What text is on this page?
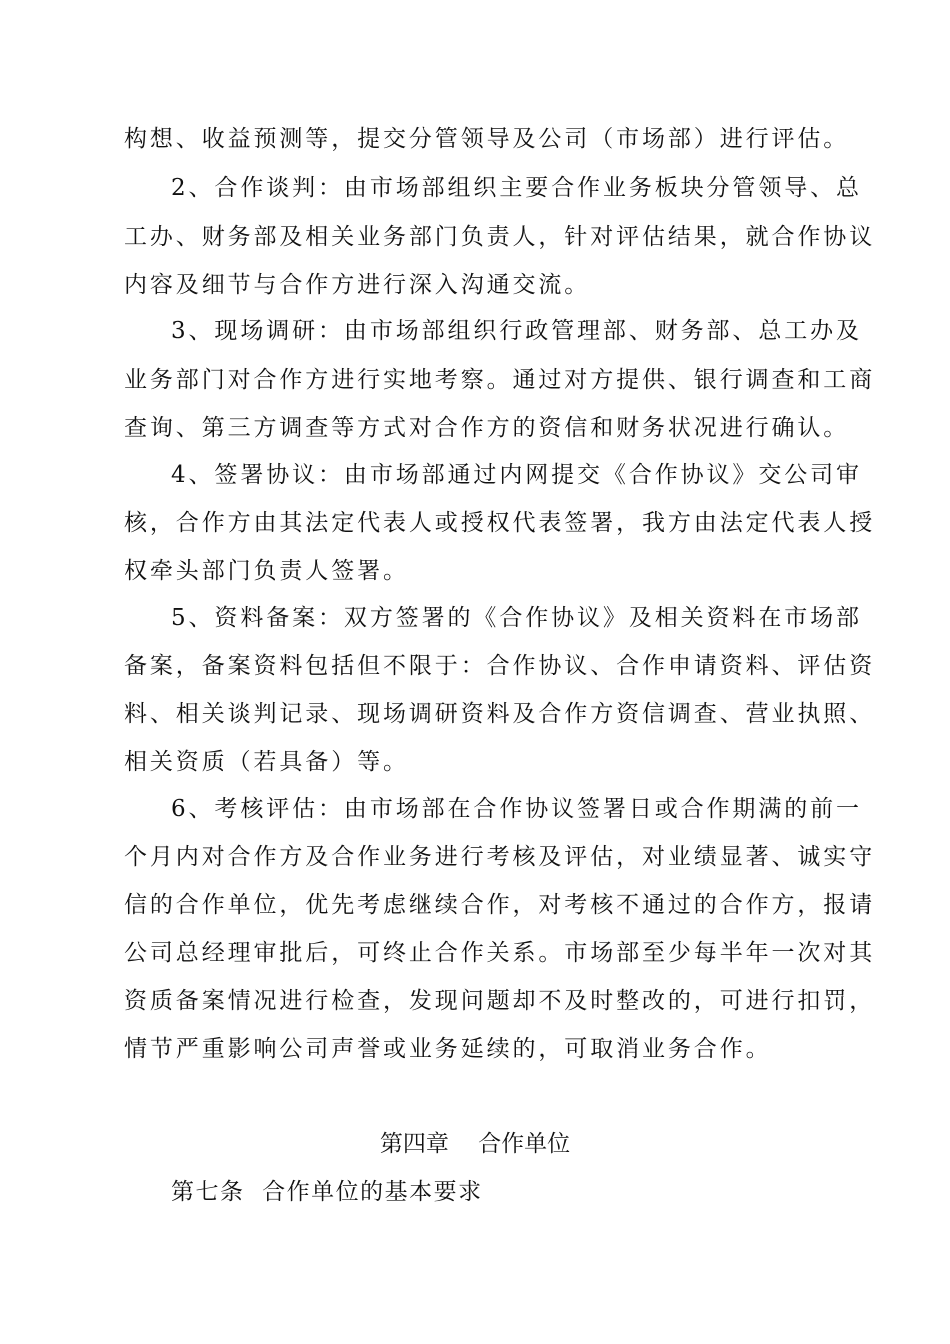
构想、收益预测等，提交分管领导及公司（市场部）进行评估。
2、合作谈判：由市场部组织主要合作业务板块分管领导、总
工办、财务部及相关业务部门负责人，针对评估结果，就合作协议
内容及细节与合作方进行深入沟通交流。
3、现场调研：由市场部组织行政管理部、财务部、总工办及
业务部门对合作方进行实地考察。通过对方提供、银行调查和工商
查询、第三方调查等方式对合作方的资信和财务状况进行确认。
4、签署协议：由市场部通过内网提交《合作协议》交公司审
核，合作方由其法定代表人或授权代表签署，我方由法定代表人授
权牵头部门负责人签署。
5、资料备案：双方签署的《合作协议》及相关资料在市场部
备案，备案资料包括但不限于：合作协议、合作申请资料、评估资
料、相关谈判记录、现场调研资料及合作方资信调查、营业执照、
相关资质（若具备）等。
6、考核评估：由市场部在合作协议签署日或合作期满的前一
个月内对合作方及合作业务进行考核及评估，对业绩显著、诚实守
信的合作单位，优先考虑继续合作，对考核不通过的合作方，报请
公司总经理审批后，可终止合作关系。市场部至少每半年一次对其
资质备案情况进行检查，发现问题却不及时整改的，可进行扣罚，
情节严重影响公司声誉或业务延续的，可取消业务合作。
第四章    合作单位
第七条  合作单位的基本要求
